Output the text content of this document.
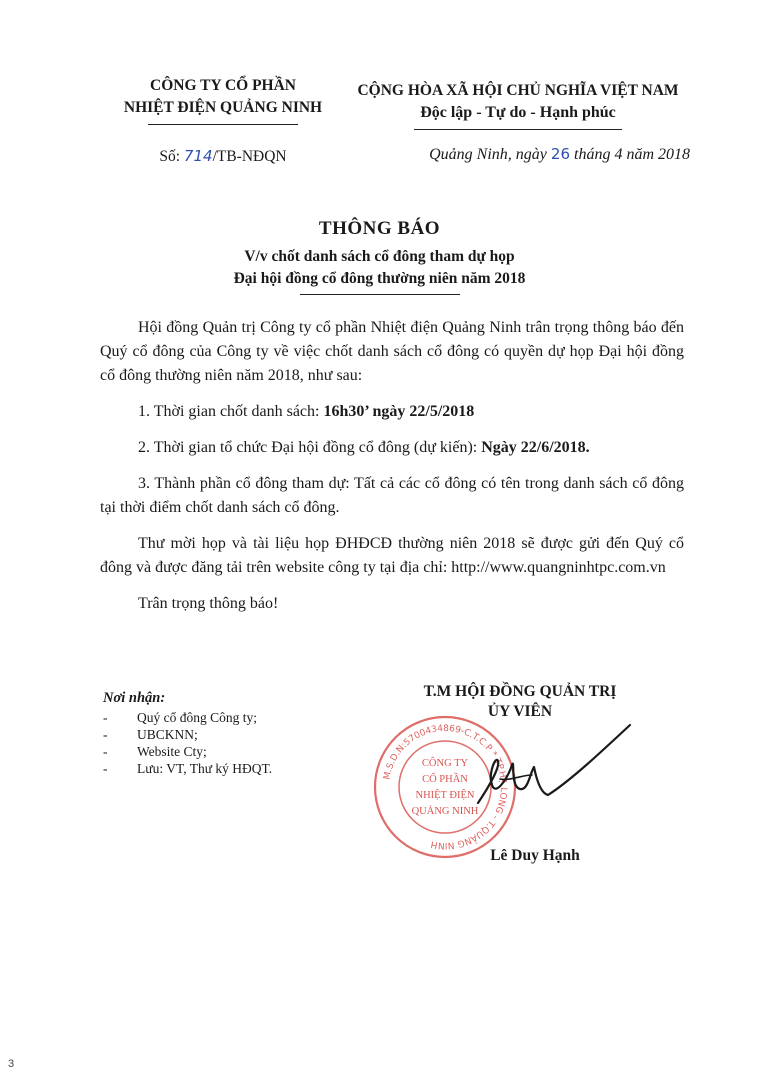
CÔNG TY CỔ PHẦN
NHIỆT ĐIỆN QUẢNG NINH
Số: 714/TB-NĐQN
CỘNG HÒA XÃ HỘI CHỦ NGHĨA VIỆT NAM
Độc lập - Tự do - Hạnh phúc
Quảng Ninh, ngày 26 tháng 4 năm 2018
THÔNG BÁO
V/v chốt danh sách cổ đông tham dự họp
Đại hội đồng cổ đông thường niên năm 2018

Hội đồng Quản trị Công ty cổ phần Nhiệt điện Quảng Ninh trân trọng thông báo đến Quý cổ đông của Công ty về việc chốt danh sách cổ đông có quyền dự họp Đại hội đồng cổ đông thường niên năm 2018, như sau:

1. Thời gian chốt danh sách: 16h30’ ngày 22/5/2018

2. Thời gian tổ chức Đại hội đồng cổ đông (dự kiến): Ngày 22/6/2018.

3. Thành phần cổ đông tham dự: Tất cả các cổ đông có tên trong danh sách cổ đông tại thời điểm chốt danh sách cổ đông.

Thư mời họp và tài liệu họp ĐHĐCĐ thường niên 2018 sẽ được gửi đến Quý cổ đông và được đăng tải trên website công ty tại địa chỉ: http://www.quangninhtpc.com.vn

Trân trọng thông báo!

Nơi nhận:
- Quý cổ đông Công ty;
- UBCKNN;
- Website Cty;
- Lưu: VT, Thư ký HĐQT.
T.M HỘI ĐỒNG QUẢN TRỊ
ỦY VIÊN
Lê Duy Hạnh
M.S.D.N:5700434869-C.T.C.P * TP.HẠ LONG - T.QUẢNG NINH
CÔNG TY
CỔ PHẦN
NHIỆT ĐIỆN
QUẢNG NINH
3
